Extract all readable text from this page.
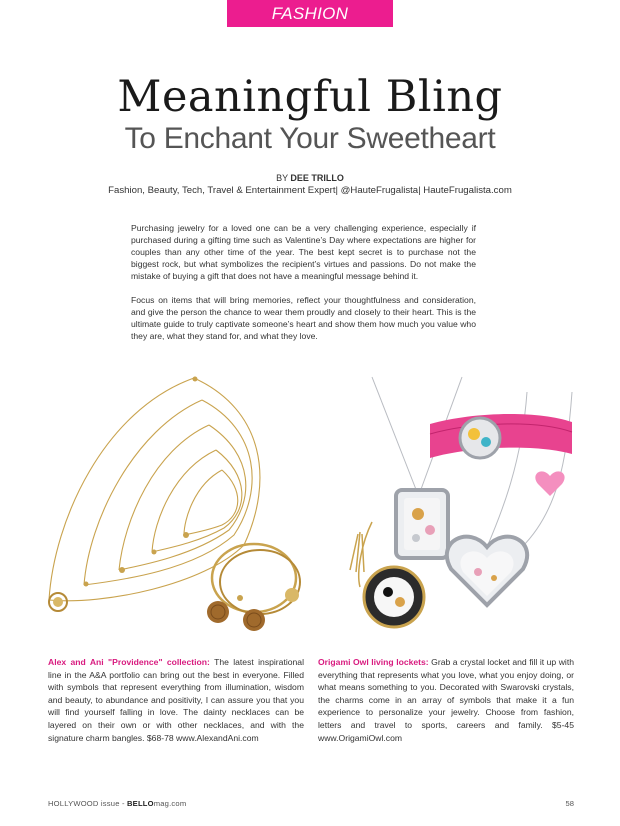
FASHION
Meaningful Bling
To Enchant Your Sweetheart
BY DEE TRILLO
Fashion, Beauty, Tech, Travel & Entertainment Expert| @HauteFrugalista| HauteFrugalista.com

Purchasing jewelry for a loved one can be a very challenging experience, especially if purchased during a gifting time such as Valentine’s Day where expectations are higher for couples than any other time of the year. The best kept secret is to purchase not the biggest rock, but what symbolizes the recipient’s virtues and passions. Do not make the mistake of buying a gift that does not have a meaningful message behind it.

Focus on items that will bring memories, reflect your thoughtfulness and consideration, and give the person the chance to wear them proudly and closely to their heart. This is the ultimate guide to truly captivate someone’s heart and show them how much you value who they are, what they stand for, and what they love.

Alex and Ani "Providence" collection: The latest inspirational line in the A&A portfolio can bring out the best in everyone. Filled with symbols that represent everything from illumination, wisdom and beauty, to abundance and positivity, I can assure you that you will find yourself falling in love. The dainty necklaces can be layered on their own or with other necklaces, and with the signature charm bangles. $68-78 www.AlexandAni.com
Origami Owl living lockets: Grab a crystal locket and fill it up with everything that represents what you love, what you enjoy doing, or what means something to you. Decorated with Swarovski crystals, the charms come in an array of symbols that make it a fun experience to personalize your jewelry. Choose from fashion, letters and travel to sports, careers and family. $5-45 www.OrigamiOwl.com
HOLLYWOOD issue - BELLOmag.com	58
